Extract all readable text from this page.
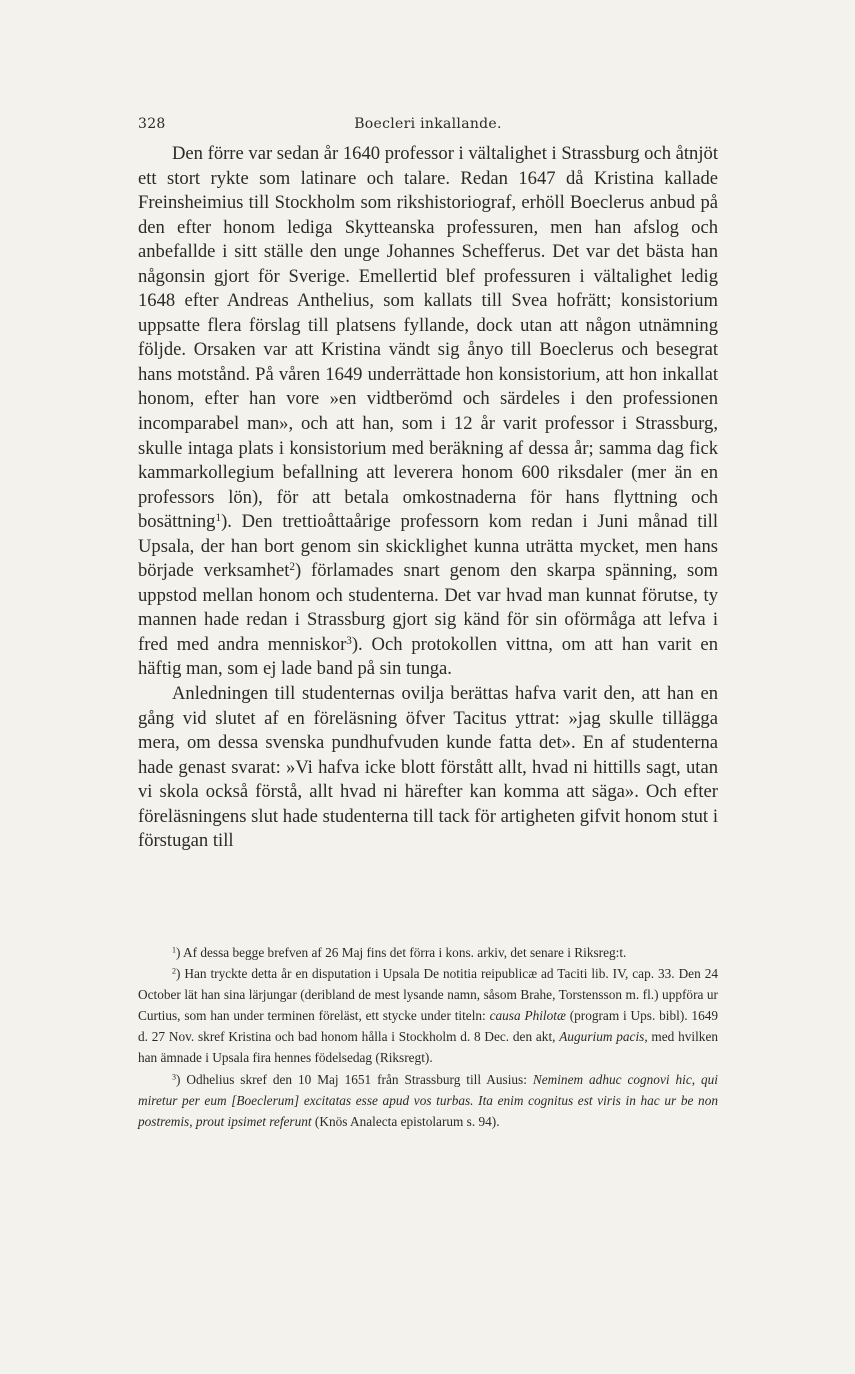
328	Boecleri inkallande.

Den förre var sedan år 1640 professor i vältalighet i Strassburg och åtnjöt ett stort rykte som latinare och talare. Redan 1647 då Kristina kallade Freinsheimius till Stockholm som rikshistoriograf, erhöll Boeclerus anbud på den efter honom lediga Skytteanska professuren, men han afslog och anbefallde i sitt ställe den unge Johannes Schefferus. Det var det bästa han någonsin gjort för Sverige. Emellertid blef professuren i vältalighet ledig 1648 efter Andreas Anthelius, som kallats till Svea hofrätt; konsistorium uppsatte flera förslag till platsens fyllande, dock utan att någon utnämning följde. Orsaken var att Kristina vändt sig ånyo till Boeclerus och besegrat hans motstånd. På våren 1649 underrättade hon konsistorium, att hon inkallat honom, efter han vore »en vidtberömd och särdeles i den professionen incomparabel man», och att han, som i 12 år varit professor i Strassburg, skulle intaga plats i konsistorium med beräkning af dessa år; samma dag fick kammarkollegium befallning att leverera honom 600 riksdaler (mer än en professors lön), för att betala omkostnaderna för hans flyttning och bosättning$^1$). Den trettioåttaårige professorn kom redan i Juni månad till Upsala, der han bort genom sin skicklighet kunna uträtta mycket, men hans började verksamhet$^2$) förlamades snart genom den skarpa spänning, som uppstod mellan honom och studenterna. Det var hvad man kunnat förutse, ty mannen hade redan i Strassburg gjort sig känd för sin oförmåga att lefva i fred med andra menniskor$^3$). Och protokollen vittna, om att han varit en häftig man, som ej lade band på sin tunga.

Anledningen till studenternas ovilja berättas hafva varit den, att han en gång vid slutet af en föreläsning öfver Tacitus yttrat: »jag skulle tillägga mera, om dessa svenska pundhufvuden kunde fatta det». En af studenterna hade genast svarat: »Vi hafva icke blott förstått allt, hvad ni hittills sagt, utan vi skola också förstå, allt hvad ni härefter kan komma att säga». Och efter föreläsningens slut hade studenterna till tack för artigheten gifvit honom stut i förstugan till

$^1$) Af dessa begge brefven af 26 Maj fins det förra i kons. arkiv, det senare i Riksreg:t.

$^2$) Han tryckte detta år en disputation i Upsala De notitia reipublicæ ad Taciti lib. IV, cap. 33. Den 24 October lät han sina lärjungar (deribland de mest lysande namn, såsom Brahe, Torstensson m. fl.) uppföra ur Curtius, som han under terminen föreläst, ett stycke under titeln: causa Philotæ (program i Ups. bibl). 1649 d. 27 Nov. skref Kristina och bad honom hålla i Stockholm d. 8 Dec. den akt, Augurium pacis, med hvilken han ämnade i Upsala fira hennes födelsedag (Riksregt).

$^3$) Odhelius skref den 10 Maj 1651 från Strassburg till Ausius: Neminem adhuc cognovi hic, qui miretur per eum [Boeclerum] excitatas esse apud vos turbas. Ita enim cognitus est viris in hac ur be non postremis, prout ipsimet referunt (Knös Analecta epistolarum s. 94).
